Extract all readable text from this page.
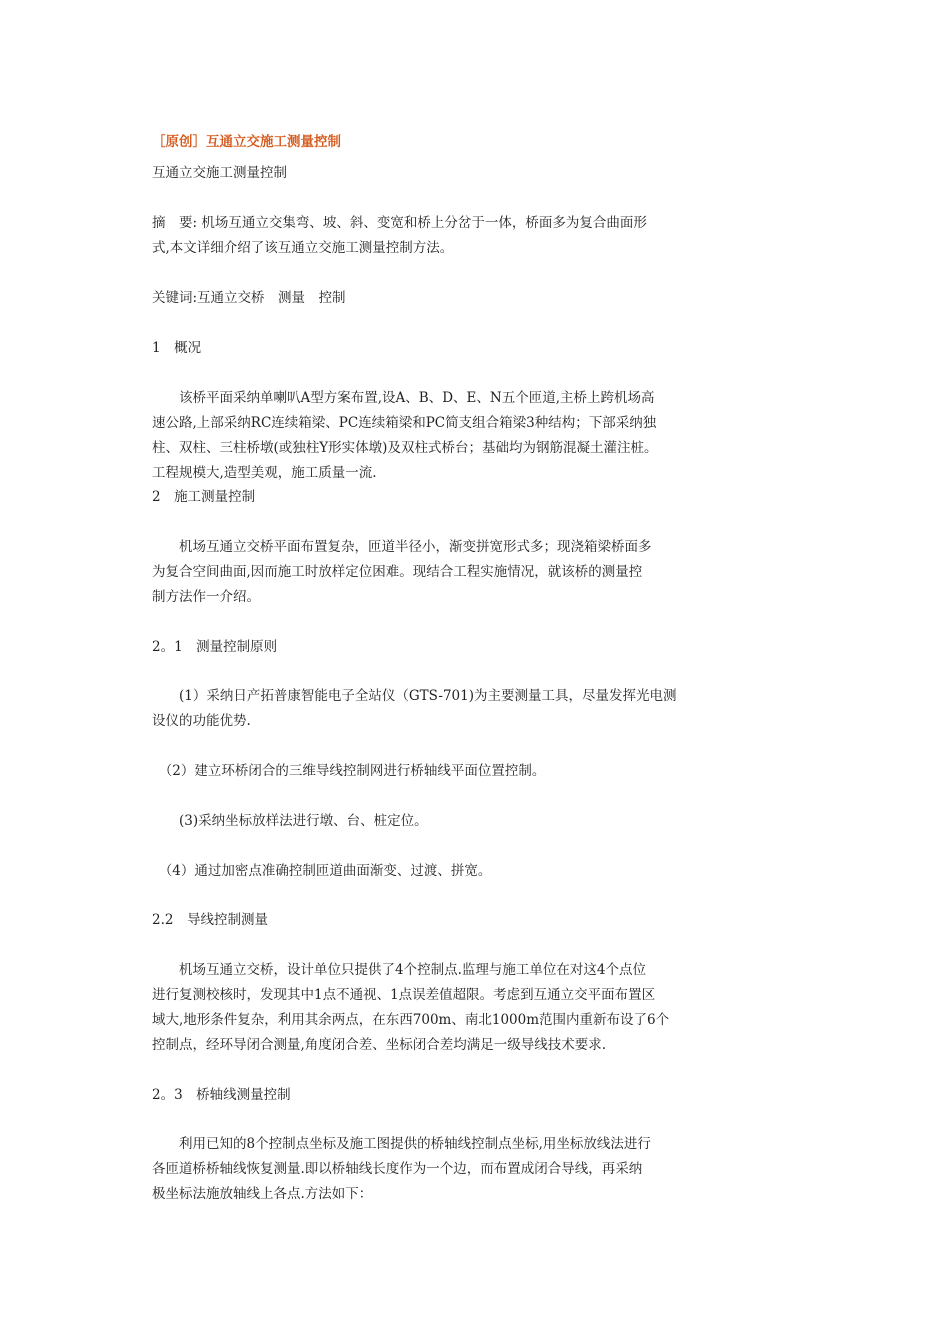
［原创］互通立交施工测量控制
互通立交施工测量控制
摘　要: 机场互通立交集弯、坡、斜、变宽和桥上分岔于一体，桥面多为复合曲面形
式,本文详细介绍了该互通立交施工测量控制方法。
关键词:互通立交桥　测量　控制
1　概况
　　该桥平面采纳单喇叭A型方案布置,设A、B、D、E、N五个匝道,主桥上跨机场高
速公路,上部采纳RC连续箱梁、PC连续箱梁和PC简支组合箱梁3种结构；下部采纳独
柱、双柱、三柱桥墩(或独柱Y形实体墩)及双柱式桥台；基础均为钢筋混凝土灌注桩。
工程规模大,造型美观，施工质量一流.
2　施工测量控制
　　机场互通立交桥平面布置复杂，匝道半径小，渐变拼宽形式多；现浇箱梁桥面多
为复合空间曲面,因而施工时放样定位困难。现结合工程实施情况，就该桥的测量控
制方法作一介绍。
2。1　测量控制原则
　　(1）采纳日产拓普康智能电子全站仪（GTS-701)为主要测量工具，尽量发挥光电测
设仪的功能优势.
　（2）建立环桥闭合的三维导线控制网进行桥轴线平面位置控制。
　　(3)采纳坐标放样法进行墩、台、桩定位。
　（4）通过加密点准确控制匝道曲面渐变、过渡、拼宽。
2.2　导线控制测量
　　机场互通立交桥，设计单位只提供了4个控制点.监理与施工单位在对这4个点位
进行复测校核时，发现其中1点不通视、1点误差值超限。考虑到互通立交平面布置区
域大,地形条件复杂，利用其余两点，在东西700m、南北1000m范围内重新布设了6个
控制点，经环导闭合测量,角度闭合差、坐标闭合差均满足一级导线技术要求.
2。3　桥轴线测量控制
　　利用已知的8个控制点坐标及施工图提供的桥轴线控制点坐标,用坐标放线法进行
各匝道桥桥轴线恢复测量.即以桥轴线长度作为一个边，而布置成闭合导线，再采纳
极坐标法施放轴线上各点.方法如下：
